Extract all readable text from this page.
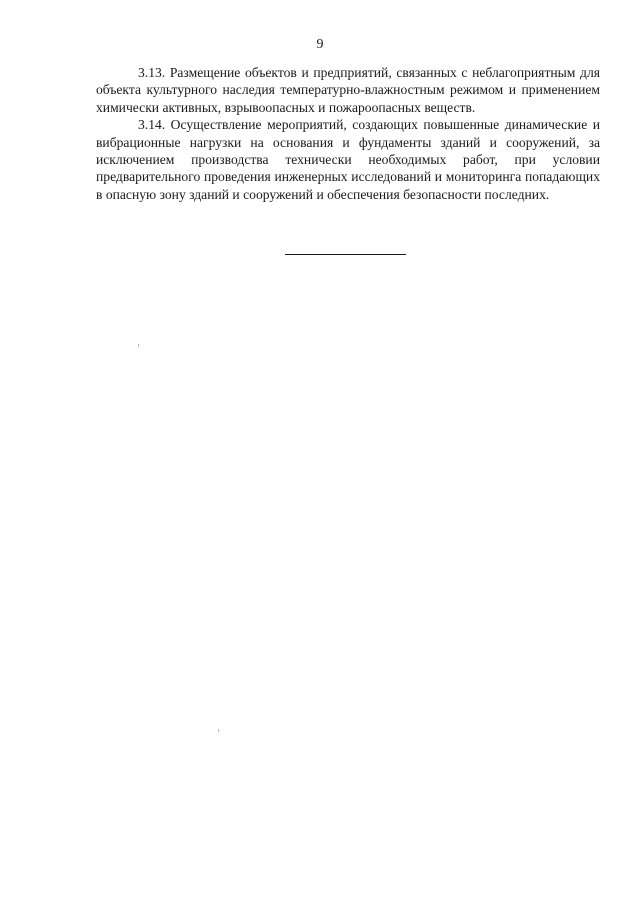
9

3.13. Размещение объектов и предприятий, связанных с неблагоприятным для объекта культурного наследия температурно-влажностным режимом и применением химически активных, взрывоопасных и пожароопасных веществ.

3.14. Осуществление мероприятий, создающих повышенные динамические и вибрационные нагрузки на основания и фундаменты зданий и сооружений, за исключением производства технически необходимых работ, при условии предварительного проведения инженерных исследований и мониторинга попадающих в опасную зону зданий и сооружений и обеспечения безопасности последних.
